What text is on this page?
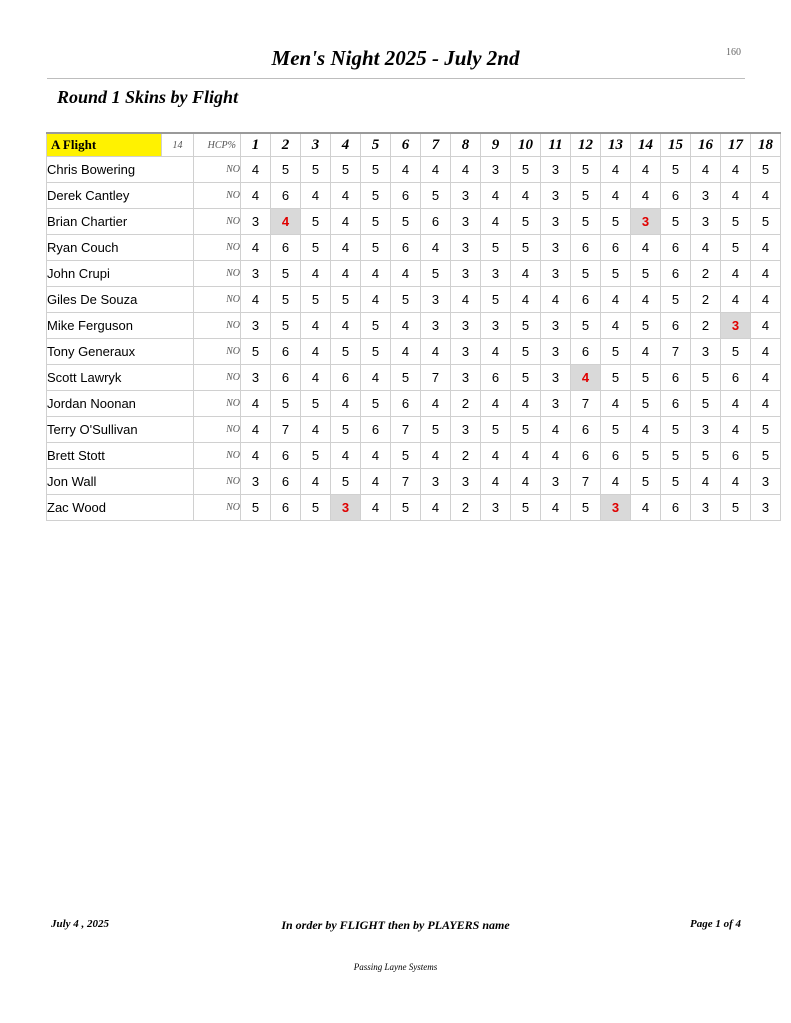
Men's Night 2025 - July 2nd	160
Round 1 Skins by Flight
A Flight	14	HCP%	1	2	3	4	5	6	7	8	9	10	11	12	13	14	15	16	17	18
Chris Bowering		NO	4	5	5	5	5	4	4	4	3	5	3	5	4	4	5	4	4	5
Derek Cantley		NO	4	6	4	4	5	6	5	3	4	4	3	5	4	4	6	3	4	4
Brian Chartier		NO	3	4	5	4	5	5	6	3	4	5	3	5	5	3	5	3	5	5
Ryan Couch		NO	4	6	5	4	5	6	4	3	5	5	3	6	6	4	6	4	5	4
John Crupi		NO	3	5	4	4	4	4	5	3	3	4	3	5	5	5	6	2	4	4
Giles De Souza		NO	4	5	5	5	4	5	3	4	5	4	4	6	4	4	5	2	4	4
Mike Ferguson		NO	3	5	4	4	5	4	3	3	3	5	3	5	4	5	6	2	3	4
Tony Generaux		NO	5	6	4	5	5	4	4	3	4	5	3	6	5	4	7	3	5	4
Scott Lawryk		NO	3	6	4	6	4	5	7	3	6	5	3	4	5	5	6	5	6	4
Jordan Noonan		NO	4	5	5	4	5	6	4	2	4	4	3	7	4	5	6	5	4	4
Terry O'Sullivan		NO	4	7	4	5	6	7	5	3	5	5	4	6	5	4	5	3	4	5
Brett Stott		NO	4	6	5	4	4	5	4	2	4	4	4	6	6	5	5	5	6	5
Jon Wall		NO	3	6	4	5	4	7	3	3	4	4	3	7	4	5	5	4	4	3
Zac Wood		NO	5	6	5	3	4	5	4	2	3	5	4	5	3	4	6	3	5	3
July 4 , 2025	In order by FLIGHT then by PLAYERS name	Page 1 of 4
Passing Layne Systems
